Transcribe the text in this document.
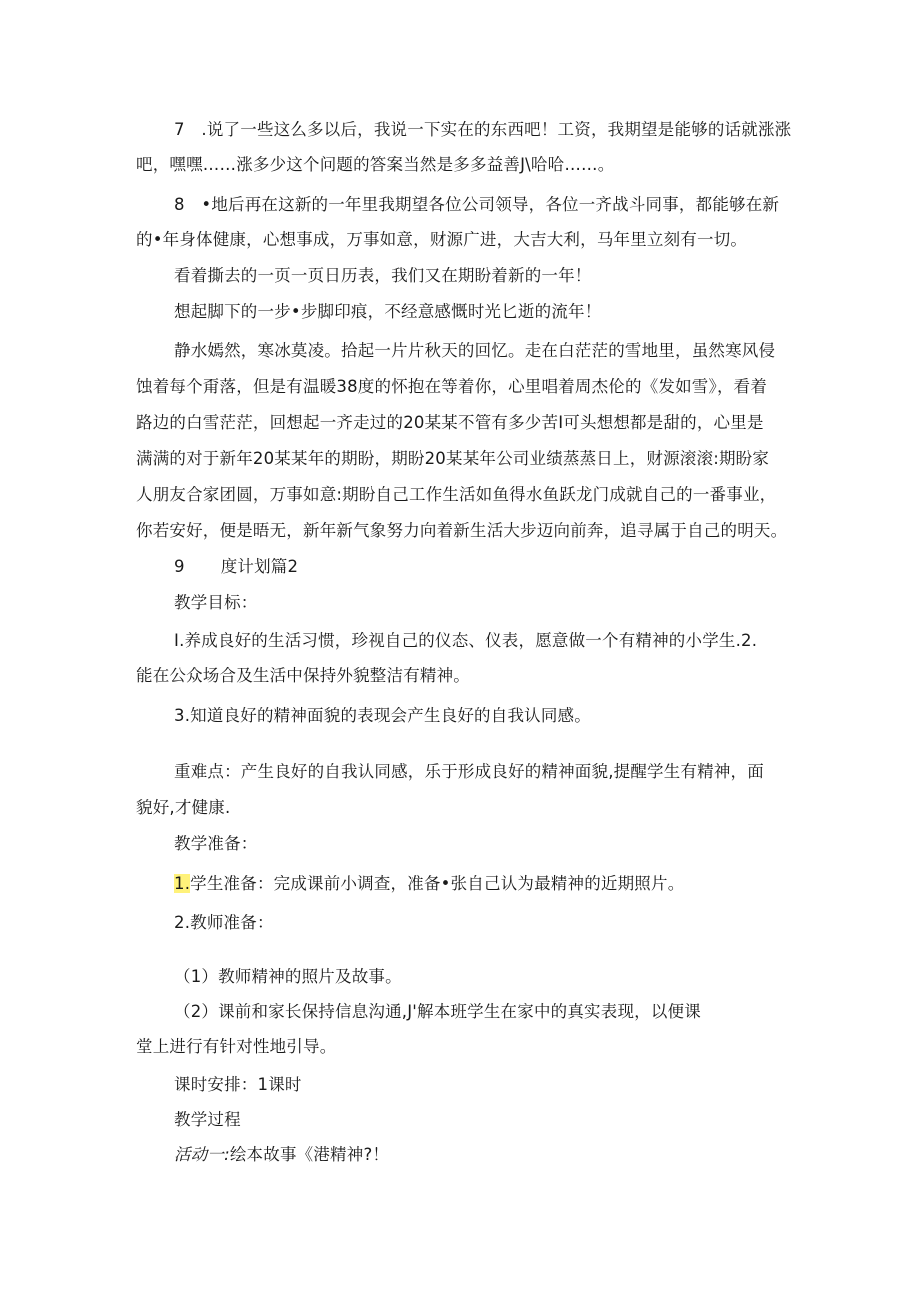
7　.说了一些这么多以后，我说一下实在的东西吧！工资，我期望是能够的话就涨涨
吧，嘿嘿……涨多少这个问题的答案当然是多多益善J\哈哈……。
8　•地后再在这新的一年里我期望各位公司领导，各位一齐战斗同事，都能够在新
的•年身体健康，心想事成，万事如意，财源广进，大吉大利，马年里立刻有一切。
看着撕去的一页一页日历表，我们又在期盼着新的一年！
想起脚下的一步•步脚印痕，不经意感慨时光匕逝的流年！
静水嫣然，寒冰莫凌。拾起一片片秋天的回忆。走在白茫茫的雪地里，虽然寒风侵
蚀着每个甭落，但是有温暖38度的怀抱在等着你，心里唱着周杰伦的《发如雪》，看着
路边的白雪茫茫，回想起一齐走过的20某某不管有多少苦I可头想想都是甜的，心里是
满满的对于新年20某某年的期盼，期盼20某某年公司业绩蒸蒸日上，财源滚滚:期盼家
人朋友合家团圆，万事如意:期盼自己工作生活如鱼得水鱼跃龙门成就自己的一番事业，
你若安好，便是晤无，新年新气象努力向着新生活大步迈向前奔，追寻属于自己的明天。
9 度计划篇2
教学目标：
I.养成良好的生活习惯，珍视自己的仪态、仪表，愿意做一个有精神的小学生.2.
能在公众场合及生活中保持外貌整洁有精神。
3.知道良好的精神面貌的表现会产生良好的自我认同感。
重难点：产生良好的自我认同感，乐于形成良好的精神面貌,提醒学生有精神，面
貌好,才健康.
教学准备：
1.学生准备：完成课前小调查，准备•张自己认为最精神的近期照片。
2.教师准备：
（1）教师精神的照片及故事。
（2）课前和家长保持信息沟通,J'解本班学生在家中的真实表现，以便课
堂上进行有针对性地引导。
课时安排：1课时
教学过程
活动一:绘本故事《港精神?！
